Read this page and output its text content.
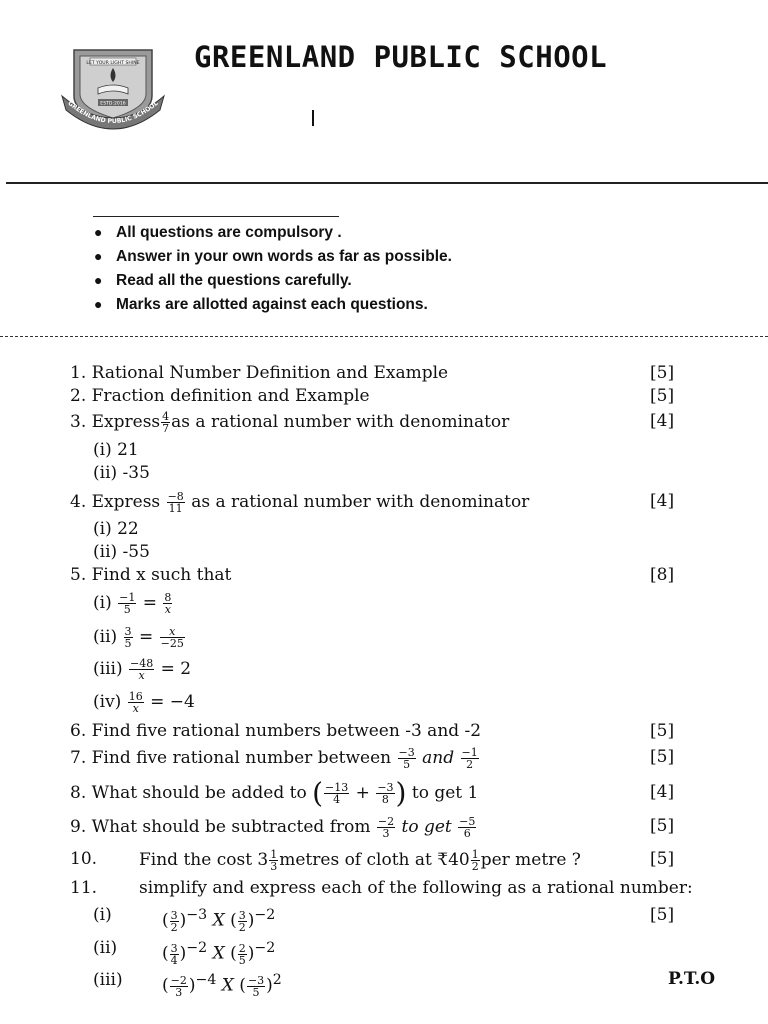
LET YOUR LIGHT SHINE
ESTD:2016
GREENLAND PUBLIC SCHOOL
GREENLAND PUBLIC SCHOOL
● All questions are compulsory .
● Answer in your own words as far as possible.
● Read all the questions carefully.
● Marks are allotted against each questions.
1. Rational Number Definition and Example	[5]
2. Fraction definition and Example	[5]
3. Express $\frac{4}{7}$ as a rational number with denominator	[4]
(i) 21
(ii) -35
4. Express $\frac{-8}{11}$ as a rational number with denominator	[4]
(i) 22
(ii) -55
5. Find x such that	[8]
$(i) \frac{-1}{5} = \frac{8}{x}$
$(ii) \frac{3}{5} = \frac{x}{-25}$
$(iii) \frac{-48}{x} = 2$
$(iv) \frac{16}{x} = -4$
6. Find five rational numbers between -3 and -2	[5]
7. Find five rational number between $\frac{-3}{5}$ and $\frac{-1}{2}$	[5]
8. What should be added to ( $\frac{-13}{4} + \frac{-3}{8}$ ) to get 1	[4]
9. What should be subtracted from $\frac{-2}{3}$ to get $\frac{-5}{6}$	[5]
10. Find the cost $3 \frac{1}{3}$ metres of cloth at ₹40 $\frac{1}{2}$ per metre ?	[5]
11. simplify and express each of the following as a rational number:
(i)	( $\frac{3}{2} )^{-3}$ X ( $\frac{3}{2} )^{-2}$	[5]
(ii)	( $\frac{3}{4} )^{-2}$ X ( $\frac{2}{5} )^{-2}$
(iii) ( $\frac{-2}{3} )^{-4}$ X ( $\frac{-3}{5} )^2$	P.T.O
